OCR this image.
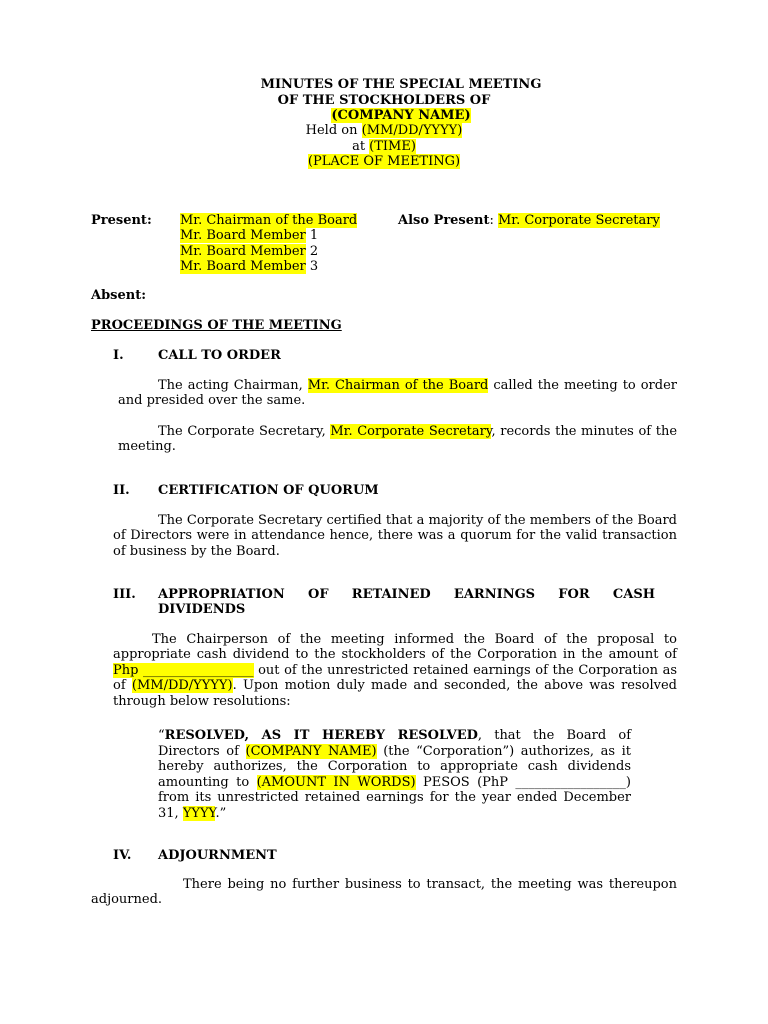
MINUTES OF THE SPECIAL MEETING
OF THE STOCKHOLDERS OF
(COMPANY NAME)
Held on (MM/DD/YYYY)
at (TIME)
(PLACE OF MEETING)
Present: Mr. Chairman of the Board
Mr. Board Member 1
Mr. Board Member 2
Mr. Board Member 3
Also Present: Mr. Corporate Secretary
Absent:
PROCEEDINGS OF THE MEETING
I.	CALL TO ORDER
The acting Chairman, Mr. Chairman of the Board called the meeting to order and presided over the same.
The Corporate Secretary, Mr. Corporate Secretary, records the minutes of the meeting.
II. CERTIFICATION OF QUORUM
The Corporate Secretary certified that a majority of the members of the Board of Directors were in attendance hence, there was a quorum for the valid transaction of business by the Board.
III. APPROPRIATION OF RETAINED EARNINGS FOR CASH
DIVIDENDS
The Chairperson of the meeting informed the Board of the proposal to appropriate cash dividend to the stockholders of the Corporation in the amount of Php _________________ out of the unrestricted retained earnings of the Corporation as of (MM/DD/YYYY). Upon motion duly made and seconded, the above was resolved through below resolutions:
“RESOLVED, AS IT HEREBY RESOLVED, that the Board of Directors of (COMPANY NAME) (the “Corporation”) authorizes, as it hereby authorizes, the Corporation to appropriate cash dividends amounting to (AMOUNT IN WORDS) PESOS (PhP _________________) from its unrestricted retained earnings for the year ended December 31, YYYY.”
IV. ADJOURNMENT
There being no further business to transact, the meeting was thereupon adjourned.
